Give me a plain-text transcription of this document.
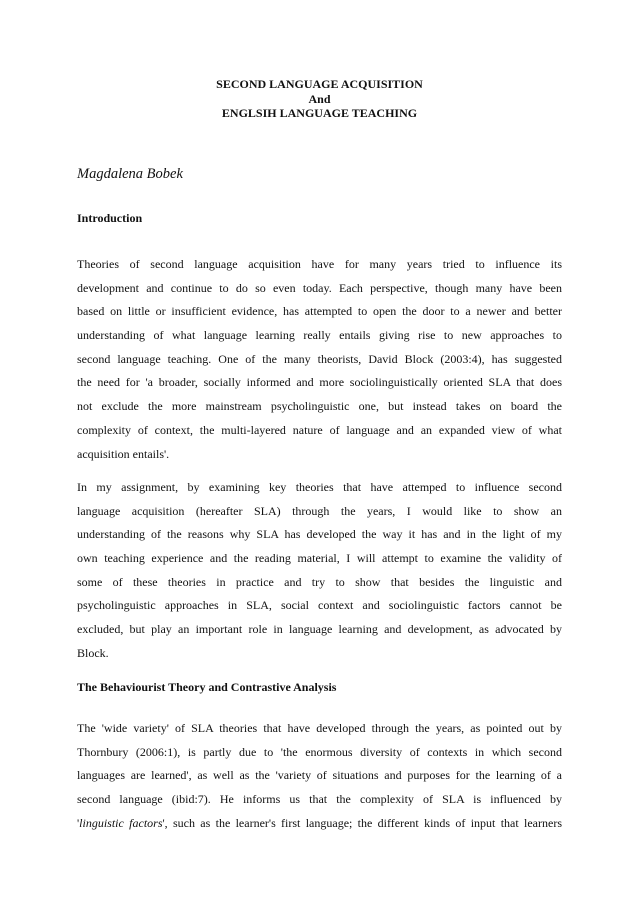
SECOND LANGUAGE ACQUISITION
And
ENGLSIH LANGUAGE TEACHING
Magdalena Bobek
Introduction
Theories of second language acquisition have for many years tried to influence its
development and continue to do so even today. Each perspective, though many have been
based on little or insufficient evidence, has attempted to open the door to a newer and better
understanding of what language learning really entails giving rise to new approaches to
second language teaching. One of the many theorists, David Block (2003:4), has suggested
the need for 'a broader, socially informed and more sociolinguistically oriented SLA that does
not exclude the more mainstream psycholinguistic one, but instead takes on board the
complexity of context, the multi-layered nature of language and an expanded view of what
acquisition entails'.
In my assignment, by examining key theories that have attemped to influence second
language acquisition (hereafter SLA) through the years, I would like to show an
understanding of the reasons why SLA has developed the way it has and in the light of my
own teaching experience and the reading material, I will attempt to examine the validity of
some of these theories in practice and try to show that besides the linguistic and
psycholinguistic approaches in SLA, social context and sociolinguistic factors cannot be
excluded, but play an important role in language learning and development, as advocated by
Block.
The Behaviourist Theory and Contrastive Analysis
The 'wide variety' of SLA theories that have developed through the years, as pointed out by
Thornbury (2006:1), is partly due to 'the enormous diversity of contexts in which second
languages are learned', as well as the 'variety of situations and purposes for the learning of a
second language (ibid:7). He informs us that the complexity of SLA is influenced by
'linguistic factors', such as the learner's first language; the different kinds of input that learners
